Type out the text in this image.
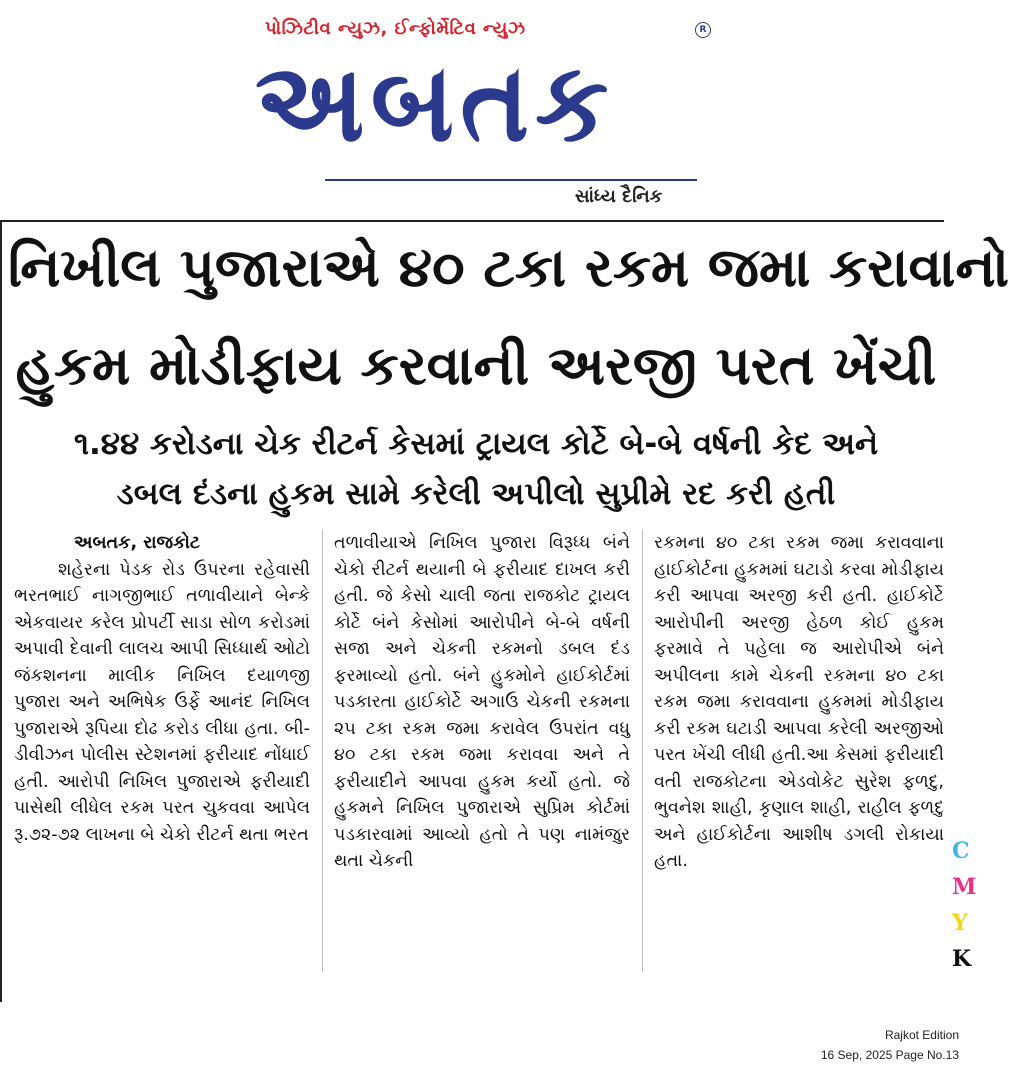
પોઝિટીવ ન્યુઝ, ઈન્ફોર્મેટિવ ન્યુઝ	R
અબતક
સાંધ્ય દૈનિક
નિખીલ પુજારાએ ૪૦ ટકા રકમ જમા કરાવાનો
હુકમ મોડીફાય કરવાની અરજી પરત ખેંચી
૧.૪૪ કરોડના ચેક રીટર્ન કેસમાં ટ્રાયલ કોર્ટે બે-બે વર્ષની કેદ અને
ડબલ દંડના હુકમ સામે કરેલી અપીલો સુપ્રીમે રદ કરી હતી
અબતક, રાજકોટ

શહેરના પેડક રોડ ઉપરના રહેવાસી ભરતભાઈ નાગજીભાઈ તળાવીયાને બેન્કે એકવાયર કરેલ પ્રોપર્ટી સાડા સોળ કરોડમાં અપાવી દેવાની લાલચ આપી સિધ્ધાર્થ ઓટો જંકશનના માલીક નિખિલ દયાળજી પુજારા અને અભિષેક ઉર્ફે આનંદ નિખિલ પુજારાએ રૂપિયા દોઢ કરોડ લીધા હતા. બી-ડીવીઝન પોલીસ સ્ટેશનમાં ફરીયાદ નોંધાઈ હતી. આરોપી નિખિલ પુજારાએ ફરીયાદી પાસેથી લીધેલ રકમ પરત ચુકવવા આપેલ રૂ.૭૨-૭૨ લાખના બે ચેકો રીટર્ન થતા ભરત

તળાવીયાએ નિખિલ પુજારા વિરૂધ્ધ બંને ચેકો રીટર્ન થયાની બે ફરીયાદ દાખલ કરી હતી. જે કેસો ચાલી જતા રાજકોટ ટ્રાયલ કોર્ટે બંને કેસોમાં આરોપીને બે-બે વર્ષની સજા અને ચેકની રકમનો ડબલ દંડ ફરમાવ્યો હતો. બંને હુકમોને હાઈકોર્ટમાં પડકારતા હાઈકોર્ટે અગાઉ ચેકની રકમના ૨૫ ટકા રકમ જમા કરાવેલ ઉપરાંત વધુ ૪૦ ટકા રકમ જમા કરાવવા અને તે ફરીયાદીને આપવા હુકમ કર્યો હતો. જે હુકમને નિખિલ પુજારાએ સુપ્રિમ કોર્ટમાં પડકારવામાં આવ્યો હતો તે પણ નામંજુર થતા ચેકની

રકમના ૪૦ ટકા રકમ જમા કરાવવાના હાઈકોર્ટના હુકમમાં ઘટાડો કરવા મોડીફાય કરી આપવા અરજી કરી હતી. હાઈકોર્ટે આરોપીની અરજી હેઠળ કોઈ હુકમ ફરમાવે તે પહેલા જ આરોપીએ બંને અપીલના કામે ચેકની રકમના ૪૦ ટકા રકમ જમા કરાવવાના હુકમમાં મોડીફાય કરી રકમ ઘટાડી આપવા કરેલી અરજીઓ પરત ખેંચી લીધી હતી.આ કેસમાં ફરીયાદી વતી રાજકોટના એડવોકેટ સુરેશ ફળદુ, ભુવનેશ શાહી, કૃણાલ શાહી, રાહીલ ફળદુ અને હાઈકોર્ટના આશીષ ડગલી રોકાયા હતા.	C
M
Y
K
Rajkot Edition
16 Sep, 2025 Page No.13
